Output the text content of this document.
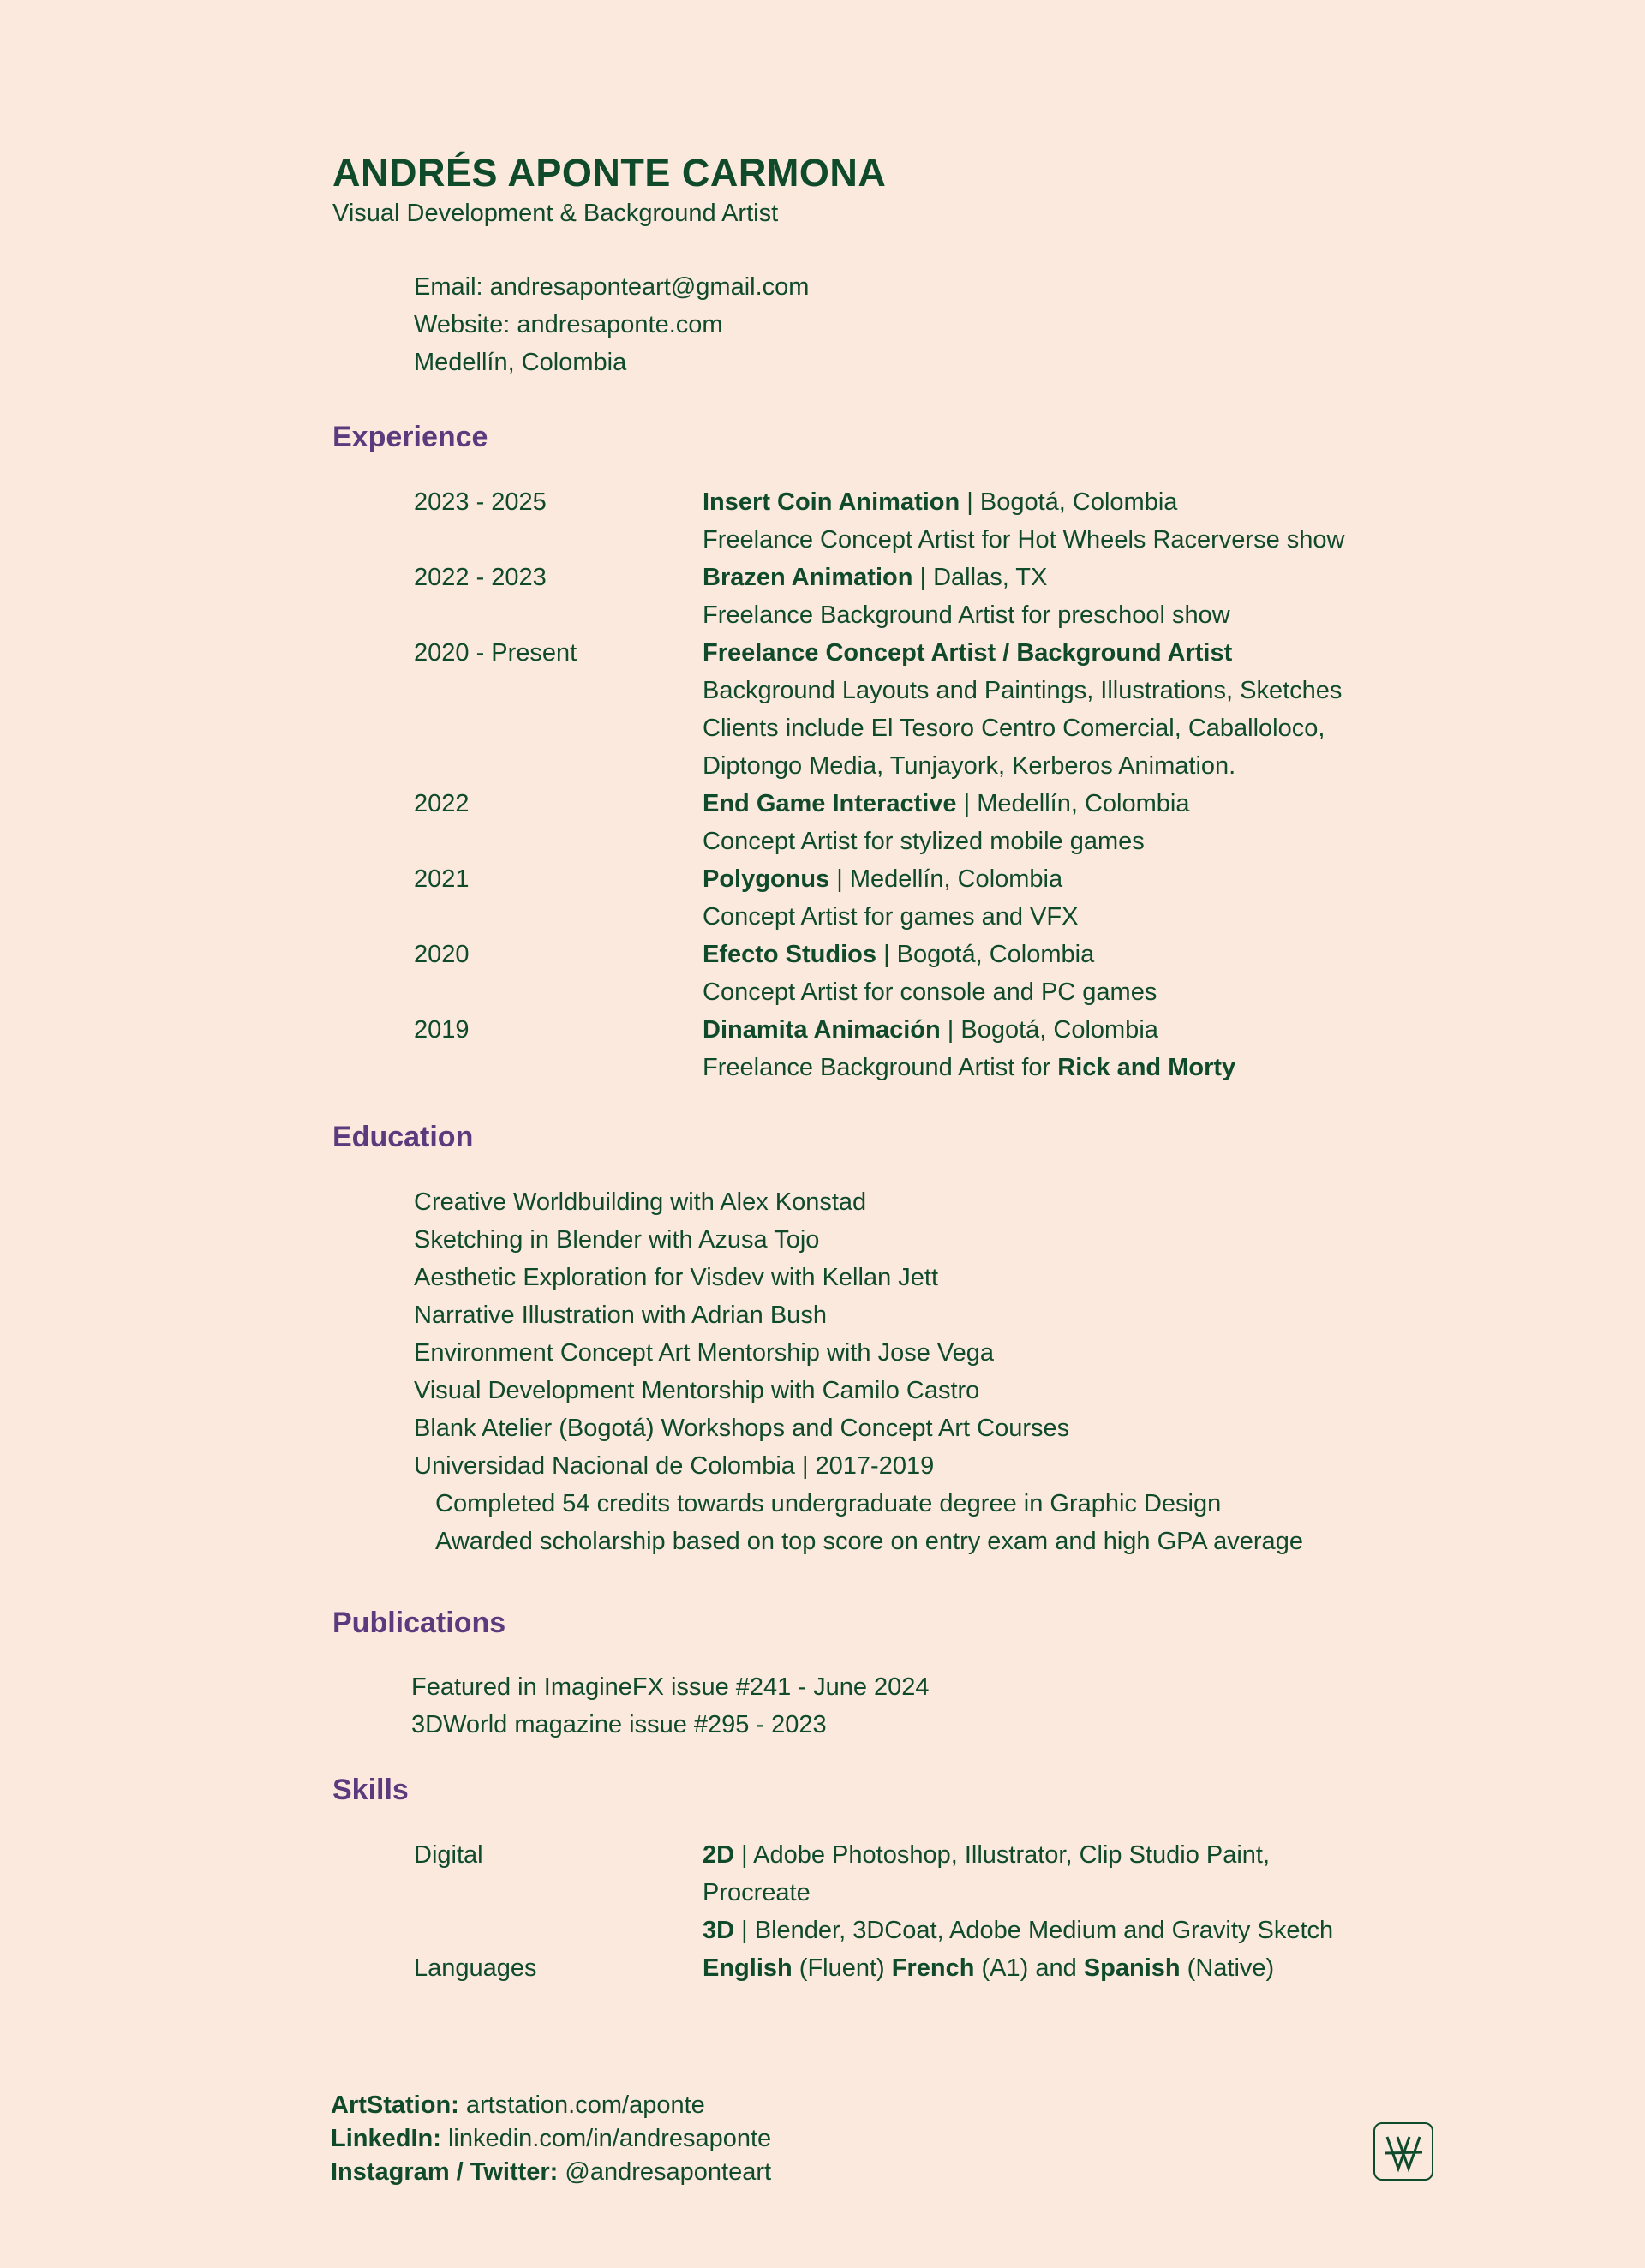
ANDRÉS APONTE CARMONA
Visual Development & Background Artist
Email: andresaponteart@gmail.com
Website: andresaponte.com
Medellín, Colombia
Experience
2023 - 2025	Insert Coin Animation | Bogotá, Colombia
Freelance Concept Artist for Hot Wheels Racerverse show
2022 - 2023	Brazen Animation | Dallas, TX
Freelance Background Artist for preschool show
2020 - Present	Freelance Concept Artist / Background Artist
Background Layouts and Paintings, Illustrations, Sketches
Clients include El Tesoro Centro Comercial, Caballoloco,
Diptongo Media, Tunjayork, Kerberos Animation.
2022	End Game Interactive | Medellín, Colombia
Concept Artist for stylized mobile games
2021	Polygonus | Medellín, Colombia
Concept Artist for games and VFX
2020	Efecto Studios | Bogotá, Colombia
Concept Artist for console and PC games
2019	Dinamita Animación | Bogotá, Colombia
Freelance Background Artist for Rick and Morty
Education
Creative Worldbuilding with Alex Konstad
Sketching in Blender with Azusa Tojo
Aesthetic Exploration for Visdev with Kellan Jett
Narrative Illustration with Adrian Bush
Environment Concept Art Mentorship with Jose Vega
Visual Development Mentorship with Camilo Castro
Blank Atelier (Bogotá) Workshops and Concept Art Courses
Universidad Nacional de Colombia | 2017-2019
Completed 54 credits towards undergraduate degree in Graphic Design
Awarded scholarship based on top score on entry exam and high GPA average
Publications
Featured in ImagineFX issue #241 - June 2024
3DWorld magazine issue #295 - 2023
Skills
Digital	2D | Adobe Photoshop, Illustrator, Clip Studio Paint,
Procreate
3D | Blender, 3DCoat, Adobe Medium and Gravity Sketch
Languages	English (Fluent) French (A1) and Spanish (Native)
ArtStation: artstation.com/aponte
LinkedIn: linkedin.com/in/andresaponte
Instagram / Twitter: @andresaponteart
